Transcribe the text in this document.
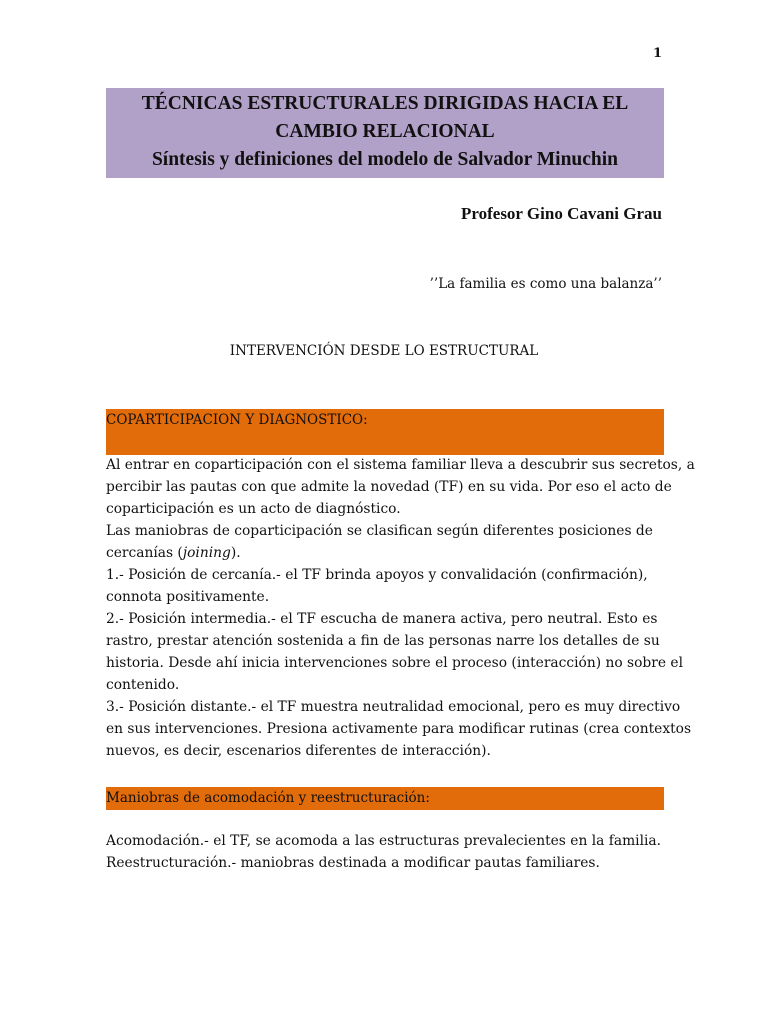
1
TÉCNICAS ESTRUCTURALES DIRIGIDAS HACIA EL
CAMBIO RELACIONAL
Síntesis y definiciones del modelo de Salvador Minuchin
Profesor Gino Cavani Grau
’’La familia es como una balanza’’
INTERVENCIÓN DESDE LO ESTRUCTURAL
COPARTICIPACION Y DIAGNOSTICO:
Al entrar en coparticipación con el sistema familiar lleva a descubrir sus secretos, a
percibir las pautas con que admite la novedad (TF) en su vida. Por eso el acto de
coparticipación es un acto de diagnóstico.
Las maniobras de coparticipación se clasifican según diferentes posiciones de
cercanías (joining).
1.- Posición de cercanía.- el TF brinda apoyos y convalidación (confirmación),
connota positivamente.
2.- Posición intermedia.- el TF escucha de manera activa, pero neutral. Esto es
rastro, prestar atención sostenida a fin de las personas narre los detalles de su
historia. Desde ahí inicia intervenciones sobre el proceso (interacción) no sobre el
contenido.
3.- Posición distante.- el TF muestra neutralidad emocional, pero es muy directivo
en sus intervenciones. Presiona activamente para modificar rutinas (crea contextos
nuevos, es decir, escenarios diferentes de interacción).
Maniobras de acomodación y reestructuración:
Acomodación.- el TF, se acomoda a las estructuras prevalecientes en la familia.
Reestructuración.- maniobras destinada a modificar pautas familiares.
